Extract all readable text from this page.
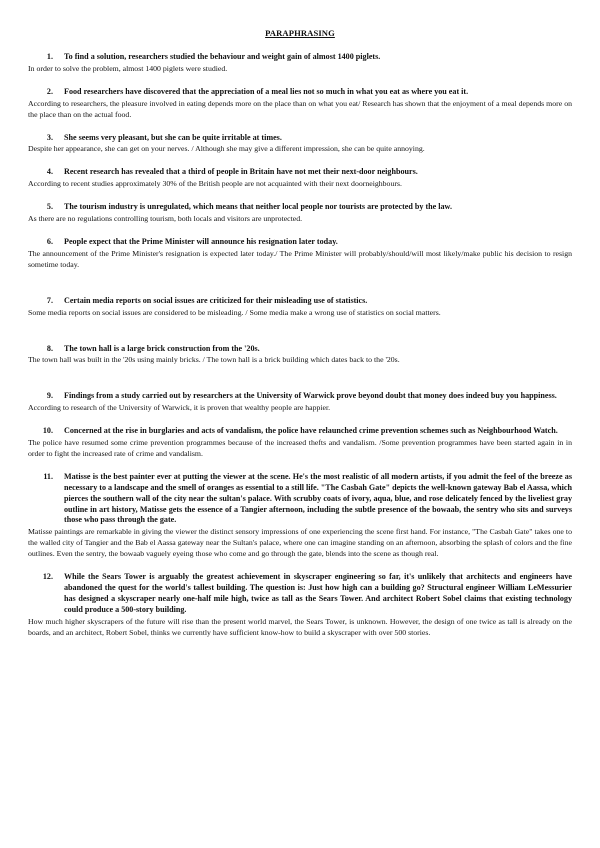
PARAPHRASING
1.	To find a solution, researchers studied the behaviour and weight gain of almost 1400 piglets.
In order to solve the problem, almost 1400 piglets were studied.
2.	Food researchers have discovered that the appreciation of a meal lies not so much in what you eat as where you eat it.
According to researchers, the pleasure involved in eating depends more on the place than on what you eat/ Research has shown that the enjoyment of a meal depends more on the place than on the actual food.
3.	She seems very pleasant, but she can be quite irritable at times.
Despite her appearance, she can get on your nerves. / Although she may give a different impression, she can be quite annoying.
4.	Recent research has revealed that a third of people in Britain have not met their next-door neighbours.
According to recent studies approximately 30% of the British people are not acquainted with their next doorneighbours.
5.	The tourism industry is unregulated, which means that neither local people nor tourists are protected by the law.
As there are no regulations controlling tourism, both locals and visitors are unprotected.
6.	People expect that the Prime Minister will announce his resignation later today.
The announcement of the Prime Minister's resignation is expected later today./ The Prime Minister will probably/should/will most likely/make public his decision to resign sometime today.
7.	Certain media reports on social issues are criticized for their misleading use of statistics.
Some media reports on social issues are considered to be misleading. / Some media make a wrong use of statistics on social matters.
8.	The town hall is a large brick construction from the '20s.
The town hall was built in the '20s using mainly bricks. / The town hall is a brick building which dates back to the '20s.
9.	Findings from a study carried out by researchers at the University of Warwick prove beyond doubt that money does indeed buy you happiness.
According to research of the University of Warwick, it is proven that wealthy people are happier.
10.	Concerned at the rise in burglaries and acts of vandalism, the police have relaunched crime prevention schemes such as Neighbourhood Watch.
The police have resumed some crime prevention programmes because of the increased thefts and vandalism. /Some prevention programmes have been started again in in order to fight the increased rate of crime and vandalism.
11.	Matisse is the best painter ever at putting the viewer at the scene. He's the most realistic of all modern artists, if you admit the feel of the breeze as necessary to a landscape and the smell of oranges as essential to a still life. "The Casbah Gate" depicts the well-known gateway Bab el Aassa, which pierces the southern wall of the city near the sultan's palace. With scrubby coats of ivory, aqua, blue, and rose delicately fenced by the liveliest gray outline in art history, Matisse gets the essence of a Tangier afternoon, including the subtle presence of the bowaab, the sentry who sits and surveys those who pass through the gate.
Matisse paintings are remarkable in giving the viewer the distinct sensory impressions of one experiencing the scene first hand. For instance, "The Casbah Gate" takes one to the walled city of Tangier and the Bab el Aassa gateway near the Sultan's palace, where one can imagine standing on an afternoon, absorbing the splash of colors and the fine outlines. Even the sentry, the bowaab vaguely eyeing those who come and go through the gate, blends into the scene as though real.
12.	While the Sears Tower is arguably the greatest achievement in skyscraper engineering so far, it's unlikely that architects and engineers have abandoned the quest for the world's tallest building. The question is: Just how high can a building go? Structural engineer William LeMessurier has designed a skyscraper nearly one-half mile high, twice as tall as the Sears Tower. And architect Robert Sobel claims that existing technology could produce a 500-story building.
How much higher skyscrapers of the future will rise than the present world marvel, the Sears Tower, is unknown. However, the design of one twice as tall is already on the boards, and an architect, Robert Sobel, thinks we currently have sufficient know-how to build a skyscraper with over 500 stories.
